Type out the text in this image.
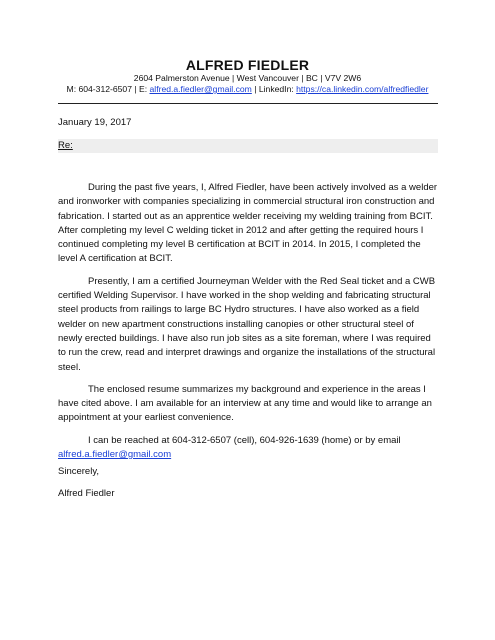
ALFRED FIEDLER
2604 Palmerston Avenue | West Vancouver | BC | V7V 2W6
M: 604-312-6507 | E: alfred.a.fiedler@gmail.com | LinkedIn: https://ca.linkedin.com/alfredfiedler
January 19, 2017
Re:

During the past five years, I, Alfred Fiedler, have been actively involved as a welder and ironworker with companies specializing in commercial structural iron construction and fabrication. I started out as an apprentice welder receiving my welding training from BCIT. After completing my level C welding ticket in 2012 and after getting the required hours I continued completing my level B certification at BCIT in 2014. In 2015, I completed the level A certification at BCIT.

Presently, I am a certified Journeyman Welder with the Red Seal ticket and a CWB certified Welding Supervisor. I have worked in the shop welding and fabricating structural steel products from railings to large BC Hydro structures. I have also worked as a field welder on new apartment constructions installing canopies or other structural steel of newly erected buildings. I have also run job sites as a site foreman, where I was required to run the crew, read and interpret drawings and organize the installations of the structural steel.

The enclosed resume summarizes my background and experience in the areas I have cited above. I am available for an interview at any time and would like to arrange an appointment at your earliest convenience.

I can be reached at 604-312-6507 (cell), 604-926-1639 (home) or by email alfred.a.fiedler@gmail.com

Sincerely,
Alfred Fiedler
